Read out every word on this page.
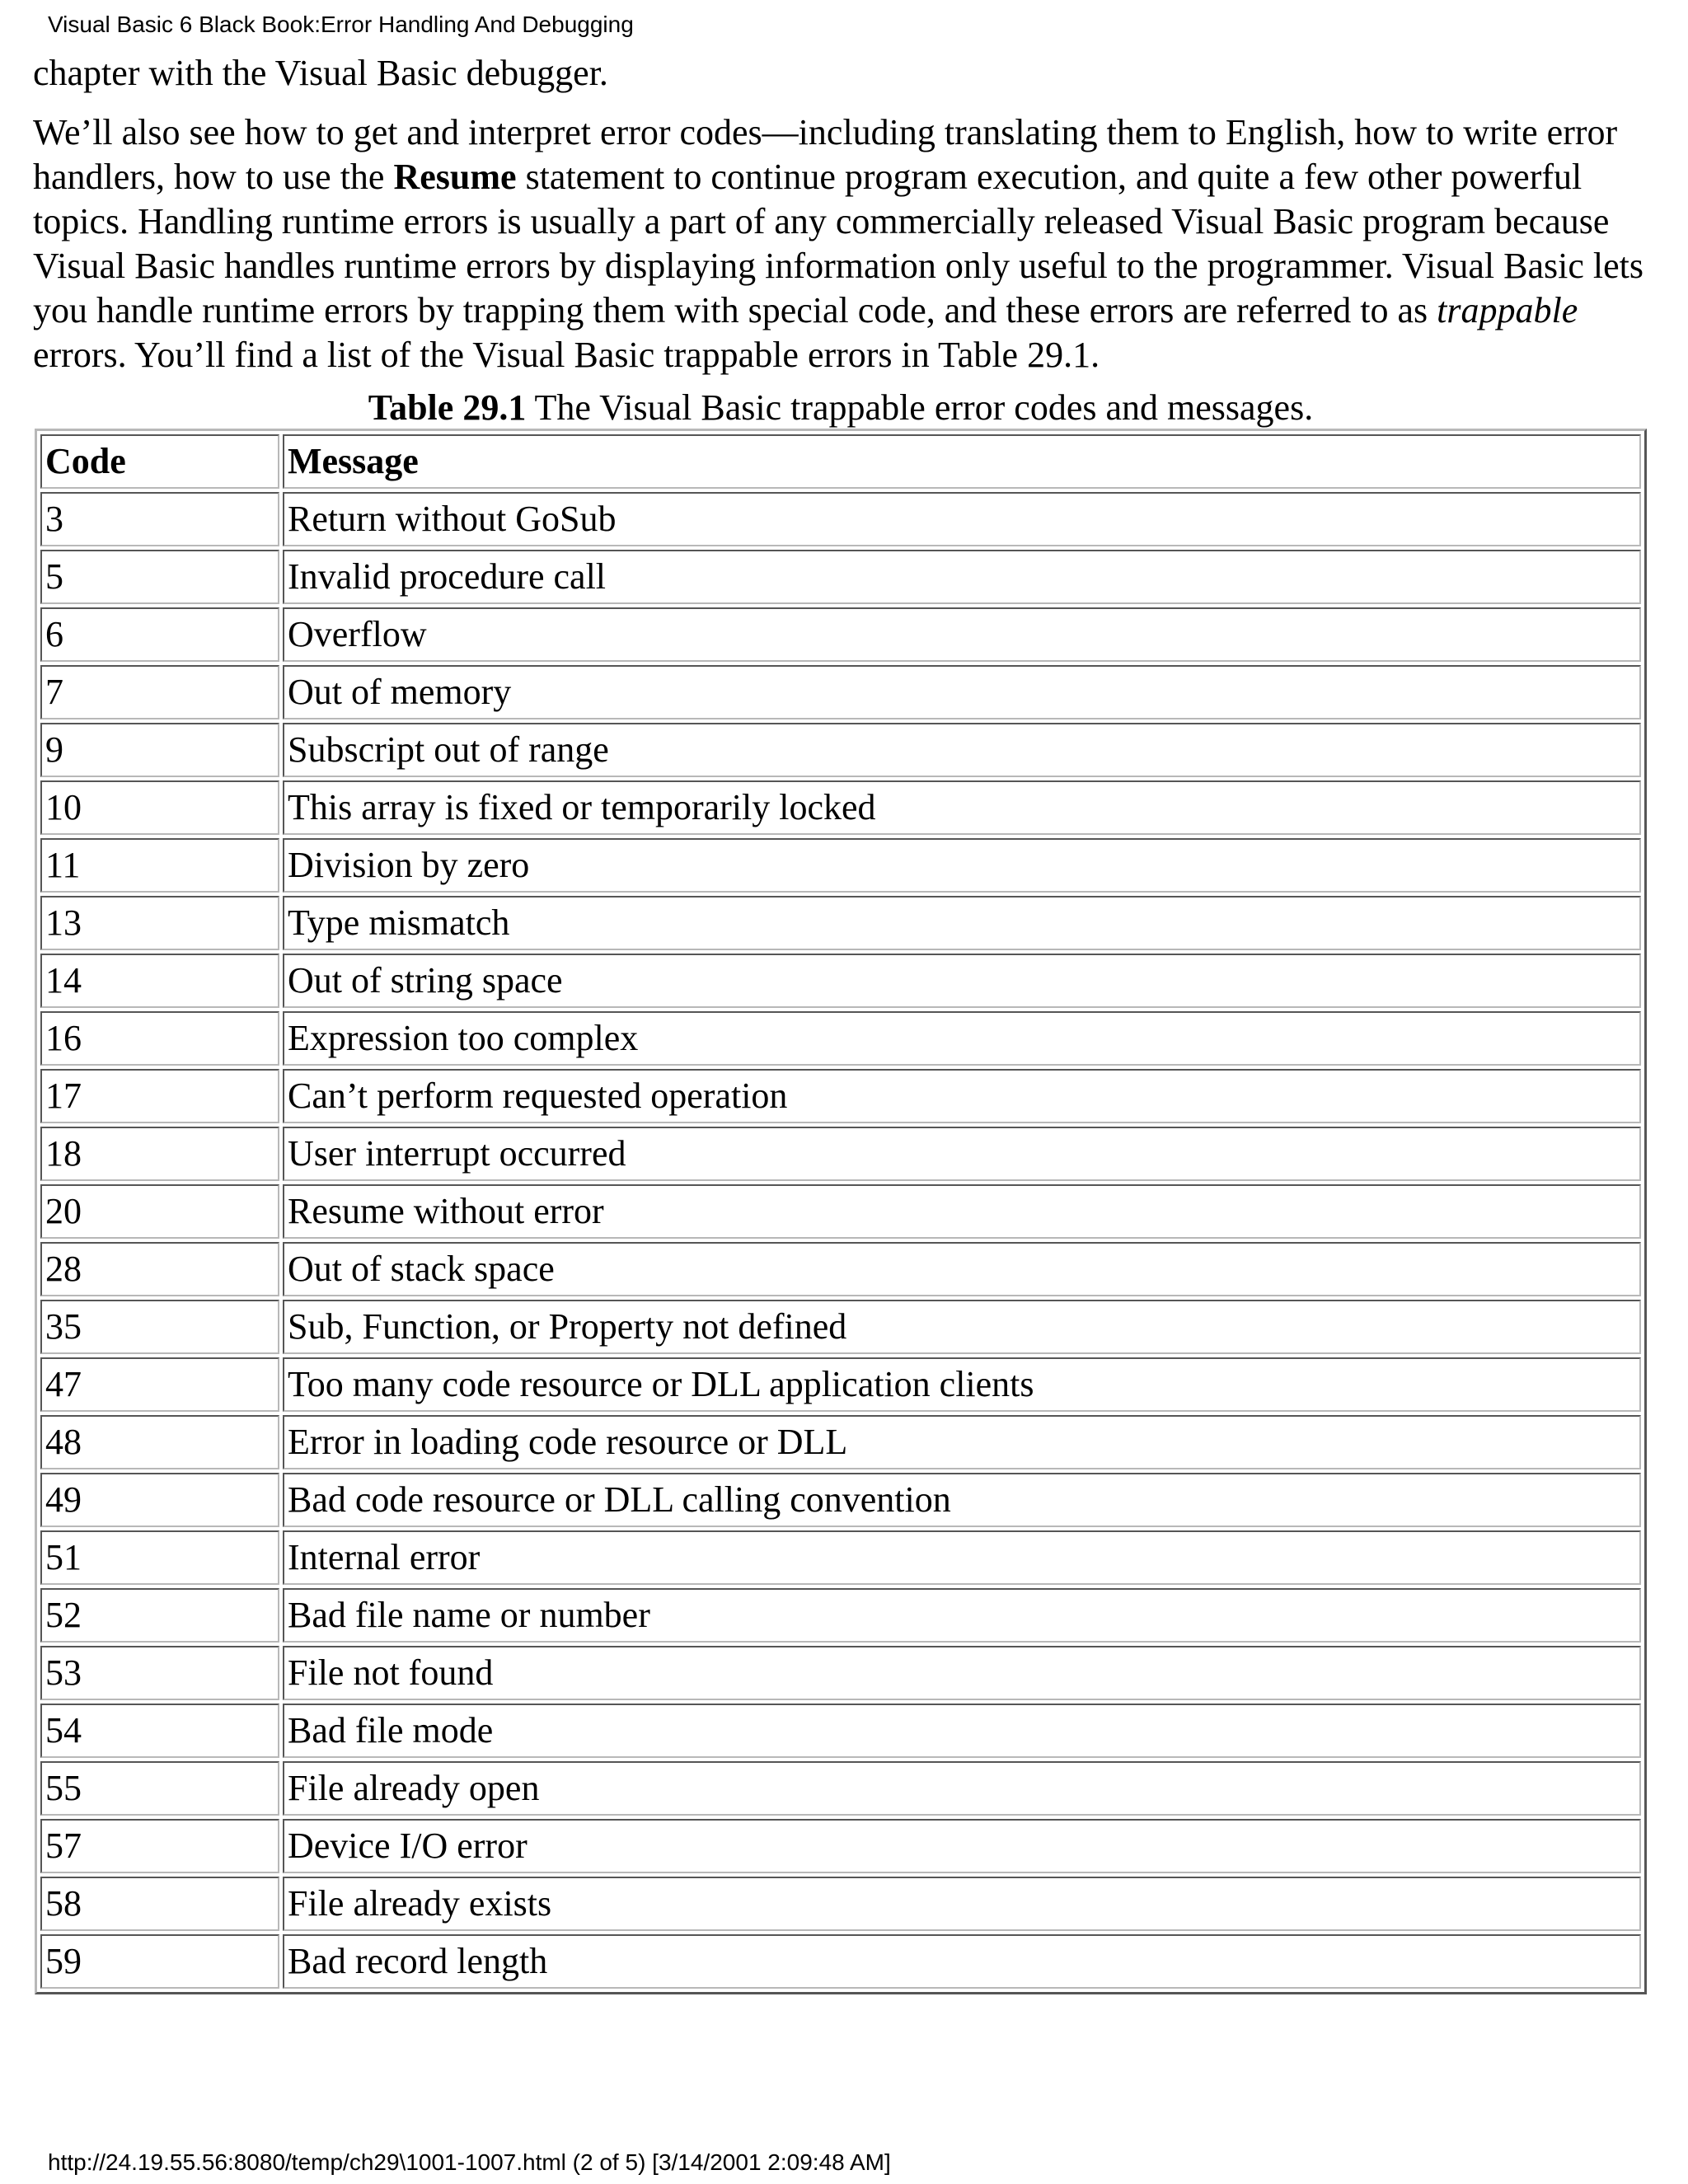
Visual Basic 6 Black Book:Error Handling And Debugging

chapter with the Visual Basic debugger.

We’ll also see how to get and interpret error codes—including translating them to English, how to write error handlers, how to use the Resume statement to continue program execution, and quite a few other powerful topics. Handling runtime errors is usually a part of any commercially released Visual Basic program because Visual Basic handles runtime errors by displaying information only useful to the programmer. Visual Basic lets you handle runtime errors by trapping them with special code, and these errors are referred to as trappable errors. You’ll find a list of the Visual Basic trappable errors in Table 29.1.

Table 29.1 The Visual Basic trappable error codes and messages.
Code	Message
3	Return without GoSub
5	Invalid procedure call
6	Overflow
7	Out of memory
9	Subscript out of range
10	This array is fixed or temporarily locked
11	Division by zero
13	Type mismatch
14	Out of string space
16	Expression too complex
17	Can’t perform requested operation
18	User interrupt occurred
20	Resume without error
28	Out of stack space
35	Sub, Function, or Property not defined
47	Too many code resource or DLL application clients
48	Error in loading code resource or DLL
49	Bad code resource or DLL calling convention
51	Internal error
52	Bad file name or number
53	File not found
54	Bad file mode
55	File already open
57	Device I/O error
58	File already exists
59	Bad record length
http://24.19.55.56:8080/temp/ch29\1001-1007.html (2 of 5) [3/14/2001 2:09:48 AM]
